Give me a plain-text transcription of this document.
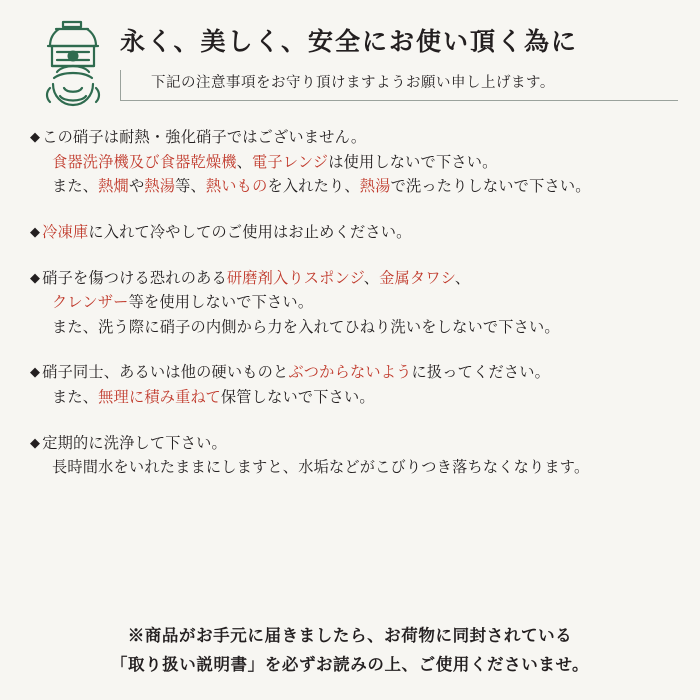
永く、美しく、安全にお使い頂く為に
下記の注意事項をお守り頂けますようお願い申し上げます。
◆ この硝子は耐熱・強化硝子ではございません。
食器洗浄機及び食器乾燥機、電子レンジは使用しないで下さい。
また、熱燗や熱湯等、熱いものを入れたり、熱湯で洗ったりしないで下さい。
◆ 冷凍庫に入れて冷やしてのご使用はお止めください。
◆ 硝子を傷つける恐れのある研磨剤入りスポンジ、金属タワシ、
クレンザー等を使用しないで下さい。
また、洗う際に硝子の内側から力を入れてひねり洗いをしないで下さい。
◆ 硝子同士、あるいは他の硬いものとぶつからないように扱ってください。
また、無理に積み重ねて保管しないで下さい。
◆ 定期的に洗浄して下さい。
長時間水をいれたままにしますと、水垢などがこびりつき落ちなくなります。
※商品がお手元に届きましたら、お荷物に同封されている
「取り扱い説明書」を必ずお読みの上、ご使用くださいませ。
